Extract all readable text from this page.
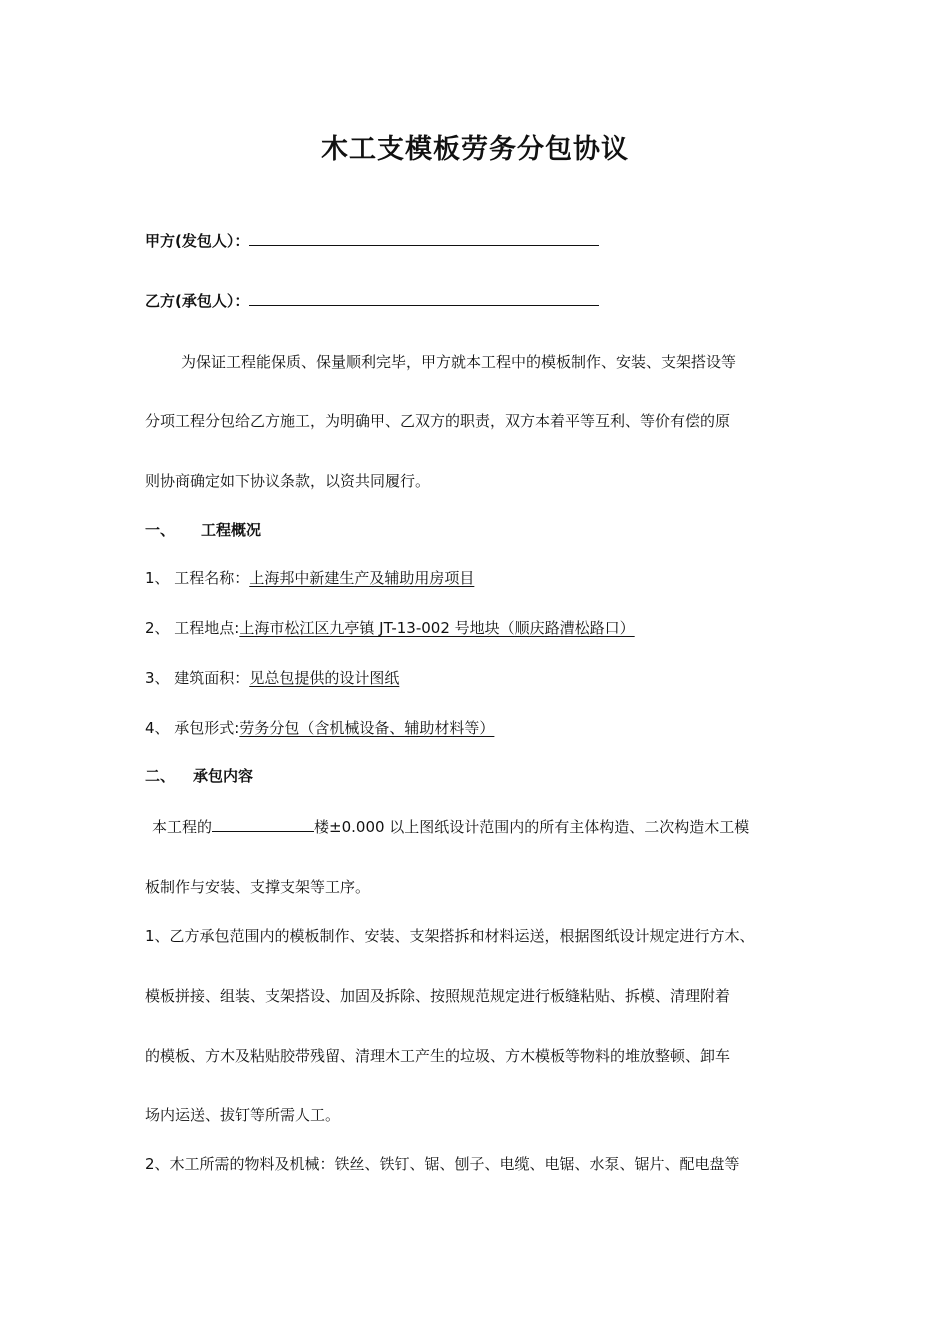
木工支模板劳务分包协议
甲方(发包人）：
乙方(承包人）：
为保证工程能保质、保量顺利完毕，甲方就本工程中的模板制作、安装、支架搭设等
分项工程分包给乙方施工，为明确甲、乙双方的职责，双方本着平等互利、等价有偿的原
则协商确定如下协议条款，以资共同履行。
一、 工程概况
1、 工程名称：上海邦中新建生产及辅助用房项目
2、 工程地点:上海市松江区九亭镇 JT-13-002 号地块（顺庆路漕松路口）
3、 建筑面积：见总包提供的设计图纸
4、 承包形式:劳务分包（含机械设备、辅助材料等）
二、 承包内容
本工程的	楼±0.000 以上图纸设计范围内的所有主体构造、二次构造木工模
板制作与安装、支撑支架等工序。
1、乙方承包范围内的模板制作、安装、支架搭拆和材料运送，根据图纸设计规定进行方木、
模板拼接、组装、支架搭设、加固及拆除、按照规范规定进行板缝粘贴、拆模、清理附着
的模板、方木及粘贴胶带残留、清理木工产生的垃圾、方木模板等物料的堆放整顿、卸车
场内运送、拔钉等所需人工。
2、木工所需的物料及机械：铁丝、铁钉、锯、刨子、电缆、电锯、水泵、锯片、配电盘等
